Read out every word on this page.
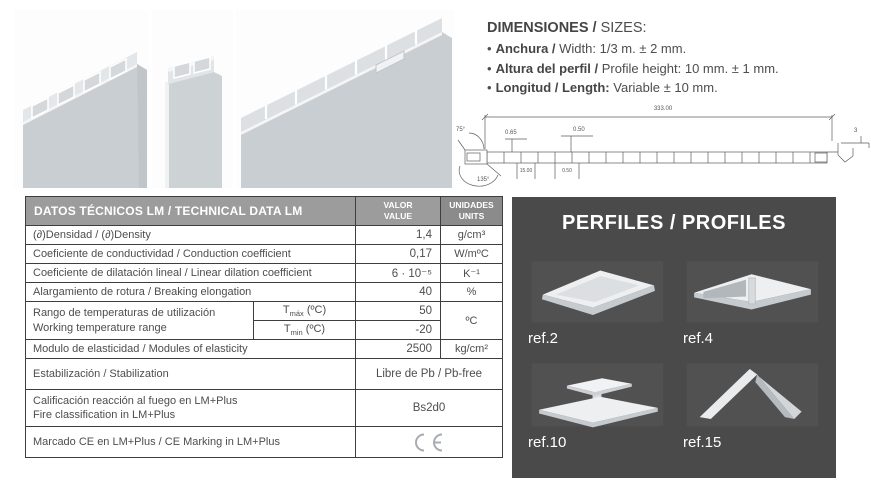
DIMENSIONES / SIZES:
• Anchura / Width: 1/3 m. ± 2 mm.
• Altura del perfil / Profile height: 10 mm. ± 1 mm.
• Longitud / Length: Variable ± 10 mm.
333.00
75°	0.65	0.50
135°
15.00	0.50
3
DATOS TÉCNICOS LM / TECHNICAL DATA LM	VALOR
VALUE

UNIDADES
UNITS

(∂)Densidad / (∂)Density		1,4	g/cm³
Coeficiente de conductividad / Conduction coefficient		0,17	W/mºC
Coeficiente de dilatación lineal / Linear dilation coefficient		6 · 10⁻⁵	K⁻¹
Alargamiento de rotura / Breaking elongation		40	%

Rango de temperaturas de utilización
Working temperature range	$T_{máx}$ (ºC)	50	ºC
	$T_{min}$ (ºC)	-20	
Modulo de elasticidad / Modules of elasticity		2500	kg/cm²
Estabilización / Stabilization		Libre de Pb / Pb-free	

Calificación reacción al fuego en LM+Plus
Fire classification in LM+Plus		Bs2d0	
Marcado CE en LM+Plus / CE Marking in LM+Plus	
PERFILES / PROFILES
ref.2	ref.4
ref.10	ref.15
